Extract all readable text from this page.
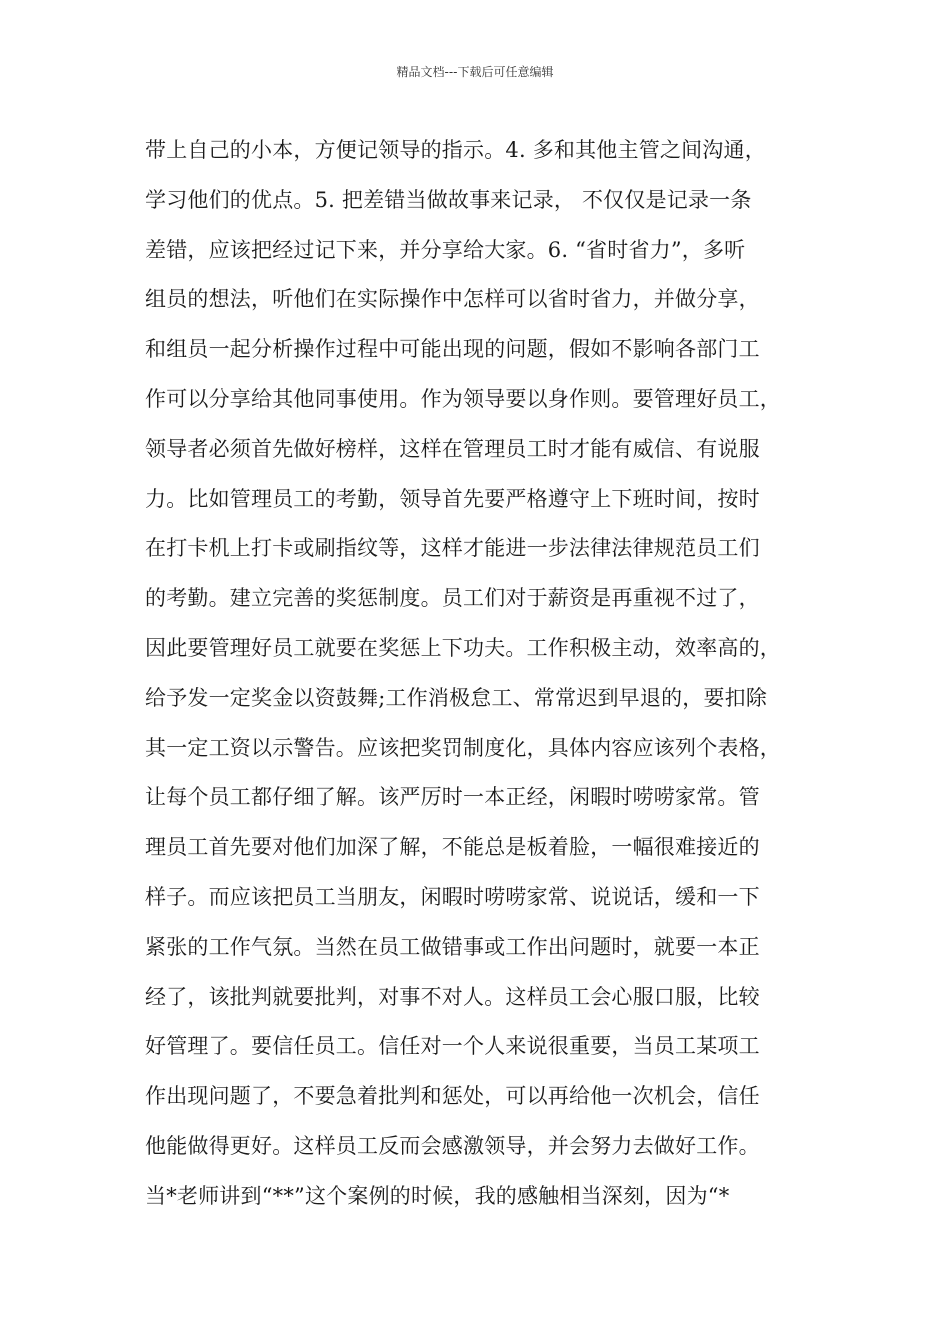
精品文档---下载后可任意编辑
带上自己的小本，方便记领导的指示。4. 多和其他主管之间沟通，
学习他们的优点。5. 把差错当做故事来记录， 不仅仅是记录一条
差错，应该把经过记下来，并分享给大家。6. “省时省力”，多听
组员的想法，听他们在实际操作中怎样可以省时省力，并做分享，
和组员一起分析操作过程中可能出现的问题，假如不影响各部门工
作可以分享给其他同事使用。作为领导要以身作则。要管理好员工，
领导者必须首先做好榜样，这样在管理员工时才能有威信、有说服
力。比如管理员工的考勤，领导首先要严格遵守上下班时间，按时
在打卡机上打卡或刷指纹等，这样才能进一步法律法律规范员工们
的考勤。建立完善的奖惩制度。员工们对于薪资是再重视不过了，
因此要管理好员工就要在奖惩上下功夫。工作积极主动，效率高的，
给予发一定奖金以资鼓舞;工作消极怠工、常常迟到早退的，要扣除
其一定工资以示警告。应该把奖罚制度化，具体内容应该列个表格，
让每个员工都仔细了解。该严厉时一本正经，闲暇时唠唠家常。管
理员工首先要对他们加深了解，不能总是板着脸，一幅很难接近的
样子。而应该把员工当朋友，闲暇时唠唠家常、说说话，缓和一下
紧张的工作气氛。当然在员工做错事或工作出问题时，就要一本正
经了，该批判就要批判，对事不对人。这样员工会心服口服，比较
好管理了。要信任员工。信任对一个人来说很重要，当员工某项工
作出现问题了，不要急着批判和惩处，可以再给他一次机会，信任
他能做得更好。这样员工反而会感激领导，并会努力去做好工作。
当*老师讲到“**”这个案例的时候，我的感触相当深刻，因为“*
